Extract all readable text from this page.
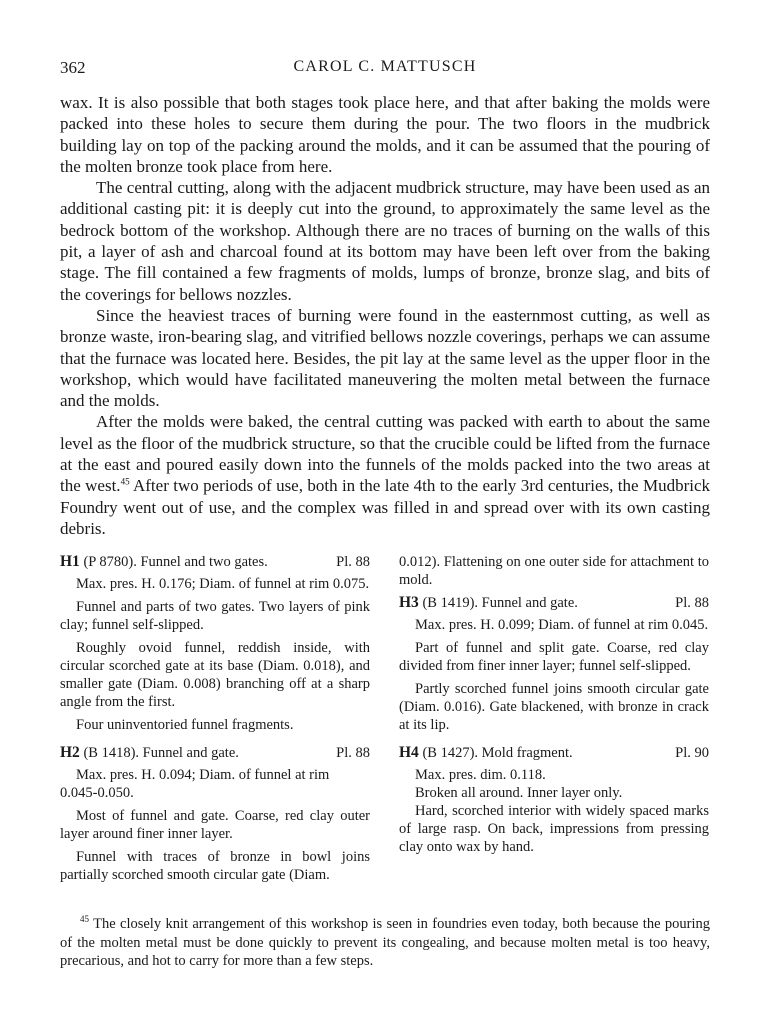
362	CAROL C. MATTUSCH

wax. It is also possible that both stages took place here, and that after baking the molds were packed into these holes to secure them during the pour. The two floors in the mudbrick building lay on top of the packing around the molds, and it can be assumed that the pouring of the molten bronze took place from here.

The central cutting, along with the adjacent mudbrick structure, may have been used as an additional casting pit: it is deeply cut into the ground, to approximately the same level as the bedrock bottom of the workshop. Although there are no traces of burning on the walls of this pit, a layer of ash and charcoal found at its bottom may have been left over from the baking stage. The fill contained a few fragments of molds, lumps of bronze, bronze slag, and bits of the coverings for bellows nozzles.

Since the heaviest traces of burning were found in the easternmost cutting, as well as bronze waste, iron-bearing slag, and vitrified bellows nozzle coverings, perhaps we can assume that the furnace was located here. Besides, the pit lay at the same level as the upper floor in the workshop, which would have facilitated maneuvering the molten metal between the furnace and the molds.

After the molds were baked, the central cutting was packed with earth to about the same level as the floor of the mudbrick structure, so that the crucible could be lifted from the furnace at the east and poured easily down into the funnels of the molds packed into the two areas at the west.$^{45}$ After two periods of use, both in the late 4th to the early 3rd centuries, the Mudbrick Foundry went out of use, and the complex was filled in and spread over with its own casting debris.

H1 (P 8780). Funnel and two gates.	Pl. 88

Max. pres. H. 0.176; Diam. of funnel at rim 0.075.

Funnel and parts of two gates. Two layers of pink clay; funnel self-slipped.

Roughly ovoid funnel, reddish inside, with circular scorched gate at its base (Diam. 0.018), and smaller gate (Diam. 0.008) branching off at a sharp angle from the first.

Four uninventoried funnel fragments.

H2 (B 1418). Funnel and gate.	Pl. 88

Max. pres. H. 0.094; Diam. of funnel at rim 0.045-0.050.

Most of funnel and gate. Coarse, red clay outer layer around finer inner layer.

Funnel with traces of bronze in bowl joins partially scorched smooth circular gate (Diam.

0.012). Flattening on one outer side for attachment to mold.

H3 (B 1419). Funnel and gate.	Pl. 88

Max. pres. H. 0.099; Diam. of funnel at rim 0.045.

Part of funnel and split gate. Coarse, red clay divided from finer inner layer; funnel self-slipped.

Partly scorched funnel joins smooth circular gate (Diam. 0.016). Gate blackened, with bronze in crack at its lip.

H4 (B 1427). Mold fragment.	Pl. 90

Max. pres. dim. 0.118.

Broken all around. Inner layer only.

Hard, scorched interior with widely spaced marks of large rasp. On back, impressions from pressing clay onto wax by hand.

$^{45}$ The closely knit arrangement of this workshop is seen in foundries even today, both because the pouring of the molten metal must be done quickly to prevent its congealing, and because molten metal is too heavy, precarious, and hot to carry for more than a few steps.
